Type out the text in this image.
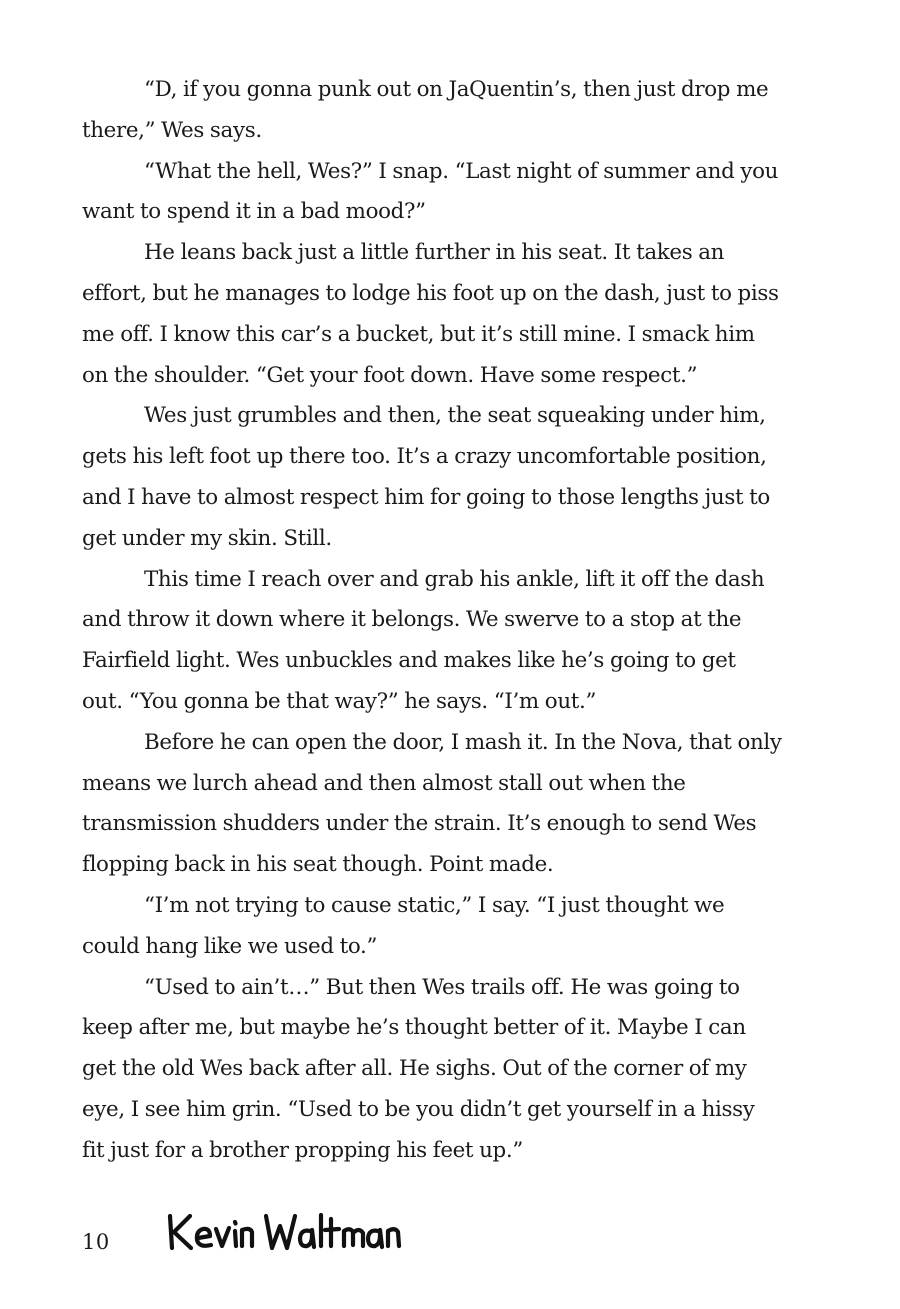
“D, if you gonna punk out on JaQuentin’s, then just drop me there,” Wes says.

“What the hell, Wes?” I snap. “Last night of summer and you want to spend it in a bad mood?”

He leans back just a little further in his seat. It takes an effort, but he manages to lodge his foot up on the dash, just to piss me off. I know this car’s a bucket, but it’s still mine. I smack him on the shoulder. “Get your foot down. Have some respect.”

Wes just grumbles and then, the seat squeaking under him, gets his left foot up there too. It’s a crazy uncomfortable position, and I have to almost respect him for going to those lengths just to get under my skin. Still.

This time I reach over and grab his ankle, lift it off the dash and throw it down where it belongs. We swerve to a stop at the Fairfield light. Wes unbuckles and makes like he’s going to get out. “You gonna be that way?” he says. “I’m out.”

Before he can open the door, I mash it. In the Nova, that only means we lurch ahead and then almost stall out when the transmission shudders under the strain. It’s enough to send Wes flopping back in his seat though. Point made.

“I’m not trying to cause static,” I say. “I just thought we could hang like we used to.”

“Used to ain’t…” But then Wes trails off. He was going to keep after me, but maybe he’s thought better of it. Maybe I can get the old Wes back after all. He sighs. Out of the corner of my eye, I see him grin. “Used to be you didn’t get yourself in a hissy fit just for a brother propping his feet up.”

10
